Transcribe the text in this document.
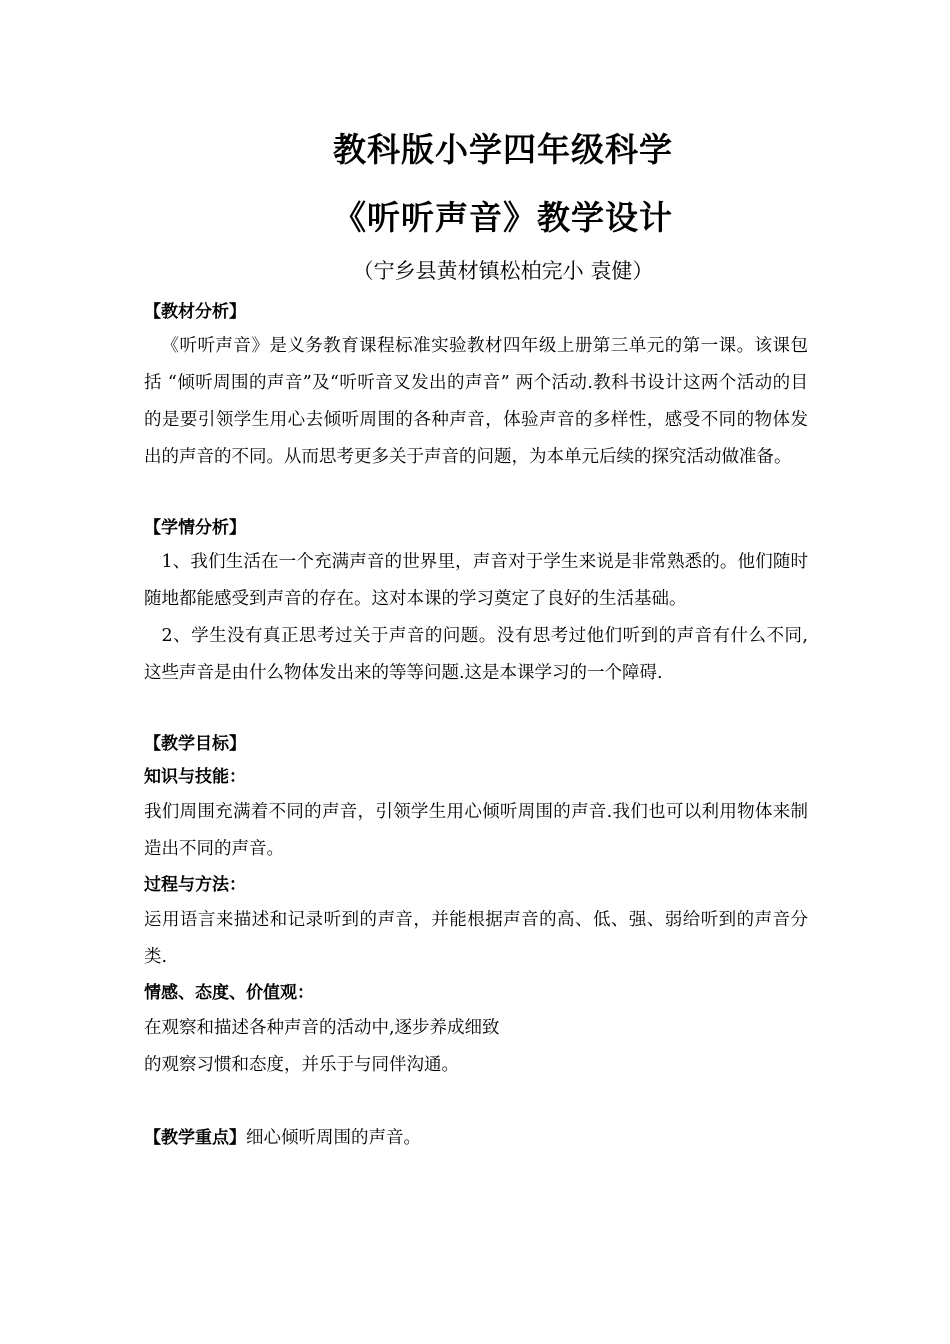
教科版小学四年级科学
《听听声音》教学设计
（宁乡县黄材镇松柏完小 袁健）
【教材分析】

《听听声音》是义务教育课程标准实验教材四年级上册第三单元的第一课。该课包括 “倾听周围的声音”及“听听音叉发出的声音” 两个活动.教科书设计这两个活动的目的是要引领学生用心去倾听周围的各种声音，体验声音的多样性，感受不同的物体发出的声音的不同。从而思考更多关于声音的问题，为本单元后续的探究活动做准备。

【学情分析】

1、我们生活在一个充满声音的世界里，声音对于学生来说是非常熟悉的。他们随时随地都能感受到声音的存在。这对本课的学习奠定了良好的生活基础。

2、学生没有真正思考过关于声音的问题。没有思考过他们听到的声音有什么不同,这些声音是由什么物体发出来的等等问题.这是本课学习的一个障碍.

【教学目标】
知识与技能：

我们周围充满着不同的声音，引领学生用心倾听周围的声音.我们也可以利用物体来制造出不同的声音。

过程与方法：

运用语言来描述和记录听到的声音，并能根据声音的高、低、强、弱给听到的声音分类.

情感、态度、价值观：

在观察和描述各种声音的活动中,逐步养成细致

的观察习惯和态度，并乐于与同伴沟通。

【教学重点】细心倾听周围的声音。
